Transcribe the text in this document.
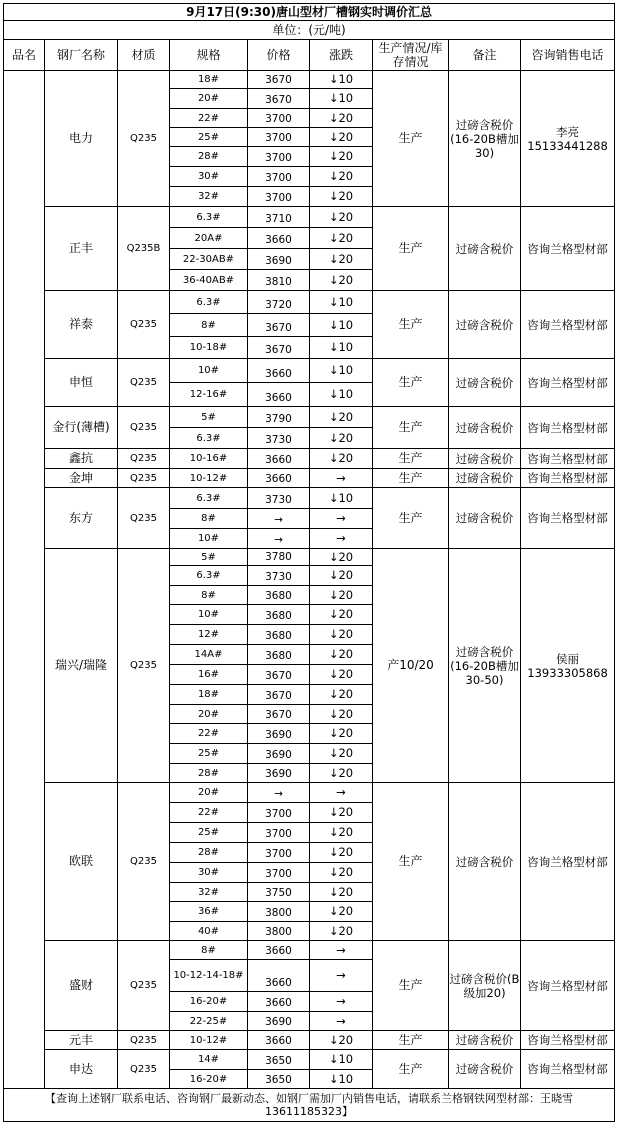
9月17日(9:30)唐山型材厂槽钢实时调价汇总								
单位：(元/吨)								
品名	钢厂名称	材质	规格	价格	涨跌	生产情况/库存情况	备注	咨询销售电话
	电力	Q235	18#	3670	↓10	生产	过磅含税价(16-20B槽加30)	李亮
15133441288
			20#	3670	↓10			
			22#	3700	↓20			
			25#	3700	↓20			
			28#	3700	↓20			
			30#	3700	↓20			
			32#	3700	↓20			
	正丰	Q235B	6.3#	3710	↓20	生产	过磅含税价	咨询兰格型材部
			20A#	3660	↓20			
			22-30AB#	3690	↓20			
			36-40AB#	3810	↓20			
	祥泰	Q235	6.3#	3720	↓10	生产	过磅含税价	咨询兰格型材部
			8#	3670	↓10			
			10-18#	3670	↓10			
	申恒	Q235	10#	3660	↓10	生产	过磅含税价	咨询兰格型材部
			12-16#	3660	↓10			
	金行(薄槽)	Q235	5#	3790	↓20	生产	过磅含税价	咨询兰格型材部
			6.3#	3730	↓20			
	鑫抗	Q235	10-16#	3660	↓20	生产	过磅含税价	咨询兰格型材部
	金坤	Q235	10-12#	3660	→	生产	过磅含税价	咨询兰格型材部
	东方	Q235	6.3#	3730	↓10	生产	过磅含税价	咨询兰格型材部
			8#	→	→			
			10#	→	→			
	瑞兴/瑞隆	Q235	5#	3780	↓20	产10/20	过磅含税价(16-20B槽加30-50)	侯丽
13933305868
			6.3#	3730	↓20			
			8#	3680	↓20			
			10#	3680	↓20			
			12#	3680	↓20			
			14A#	3680	↓20			
			16#	3670	↓20			
			18#	3670	↓20			
			20#	3670	↓20			
			22#	3690	↓20			
			25#	3690	↓20			
			28#	3690	↓20			
	欧联	Q235	20#	→	→	生产	过磅含税价	咨询兰格型材部
			22#	3700	↓20			
			25#	3700	↓20			
			28#	3700	↓20			
			30#	3700	↓20			
			32#	3750	↓20			
			36#	3800	↓20			
			40#	3800	↓20			
	盛财	Q235	8#	3660	→	生产	过磅含税价(B级加20)	咨询兰格型材部
			10-12-14-18#	3660	→			
			16-20#	3660	→			
			22-25#	3690	→			
	元丰	Q235	10-12#	3660	↓20	生产	过磅含税价	咨询兰格型材部
	申达	Q235	14#	3650	↓10	生产	过磅含税价	咨询兰格型材部
			16-20#	3650	↓10			
【查询上述钢厂联系电话、咨询钢厂最新动态、如钢厂需加厂内销售电话，请联系兰格钢铁网型材部：王晓雪 13611185323】								
